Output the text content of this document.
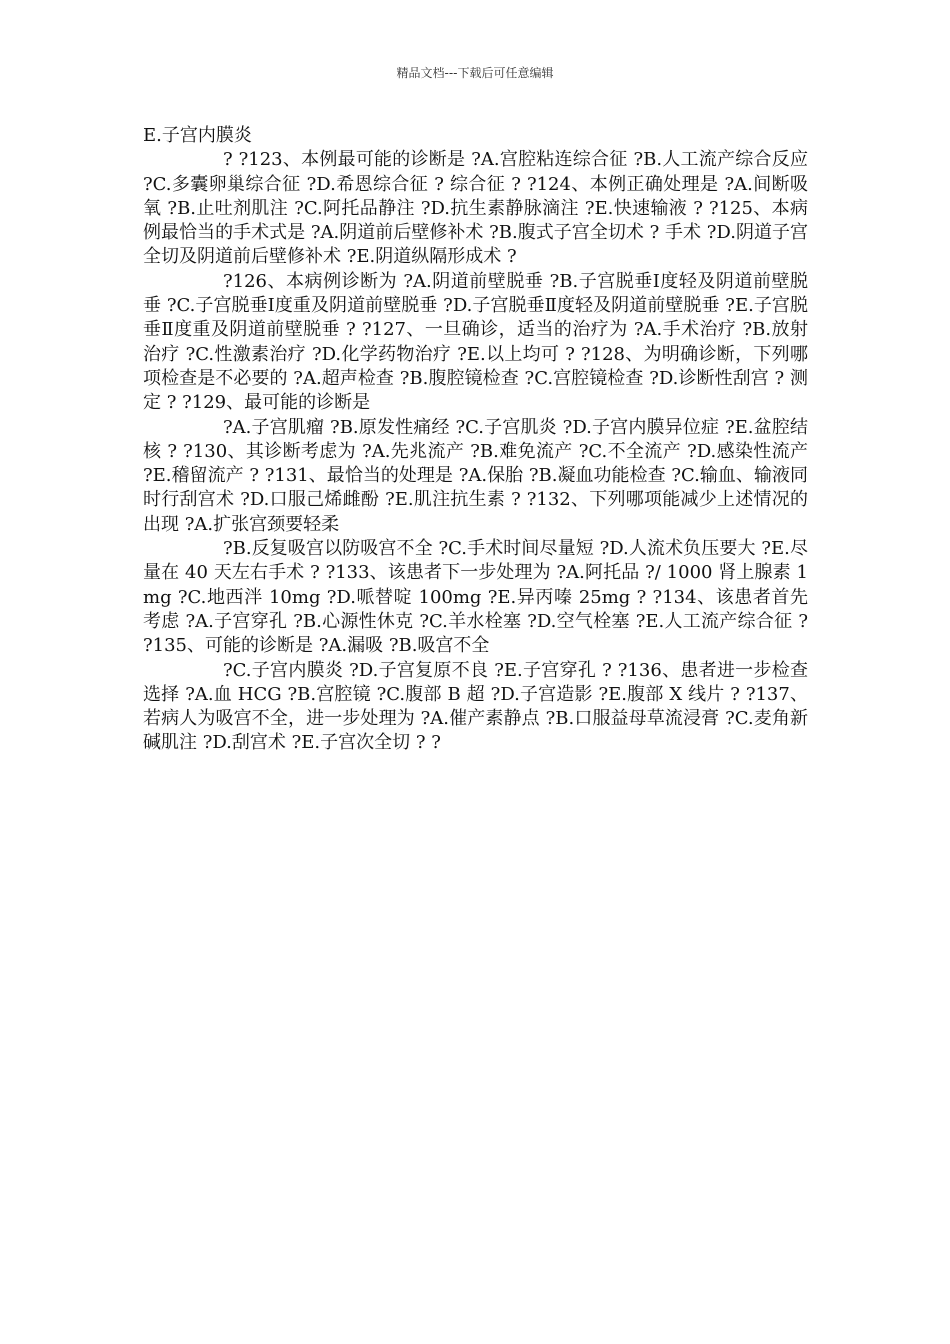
精品文档---下载后可任意编辑

E.子宫内膜炎

? ?123、本例最可能的诊断是 ?A.宫腔粘连综合征 ?B.人工流产综合反应 ?C.多囊卵巢综合征 ?D.希恩综合征 ? 综合征 ? ?124、本例正确处理是 ?A.间断吸氧 ?B.止吐剂肌注 ?C.阿托品静注 ?D.抗生素静脉滴注 ?E.快速输液 ? ?125、本病例最恰当的手术式是 ?A.阴道前后壁修补术 ?B.腹式子宫全切术 ? 手术 ?D.阴道子宫全切及阴道前后壁修补术 ?E.阴道纵隔形成术 ?

?126、本病例诊断为 ?A.阴道前壁脱垂 ?B.子宫脱垂Ⅰ度轻及阴道前壁脱垂 ?C.子宫脱垂Ⅰ度重及阴道前壁脱垂 ?D.子宫脱垂Ⅱ度轻及阴道前壁脱垂 ?E.子宫脱垂Ⅱ度重及阴道前壁脱垂 ? ?127、一旦确诊，适当的治疗为 ?A.手术治疗 ?B.放射治疗 ?C.性激素治疗 ?D.化学药物治疗 ?E.以上均可 ? ?128、为明确诊断，下列哪项检查是不必要的 ?A.超声检查 ?B.腹腔镜检查 ?C.宫腔镜检查 ?D.诊断性刮宫 ? 测定 ? ?129、最可能的诊断是

?A.子宫肌瘤 ?B.原发性痛经 ?C.子宫肌炎 ?D.子宫内膜异位症 ?E.盆腔结核 ? ?130、其诊断考虑为 ?A.先兆流产 ?B.难免流产 ?C.不全流产 ?D.感染性流产 ?E.稽留流产 ? ?131、最恰当的处理是 ?A.保胎 ?B.凝血功能检查 ?C.输血、输液同时行刮宫术 ?D.口服己烯雌酚 ?E.肌注抗生素 ? ?132、下列哪项能减少上述情况的出现 ?A.扩张宫颈要轻柔

?B.反复吸宫以防吸宫不全 ?C.手术时间尽量短 ?D.人流术负压要大 ?E.尽量在 40 天左右手术 ? ?133、该患者下一步处理为 ?A.阿托品 ?/ 1000 肾上腺素 1mg ?C.地西泮 10mg ?D.哌替啶 100mg ?E.异丙嗪 25mg ? ?134、该患者首先考虑 ?A.子宫穿孔 ?B.心源性休克 ?C.羊水栓塞 ?D.空气栓塞 ?E.人工流产综合征 ? ?135、可能的诊断是 ?A.漏吸 ?B.吸宫不全

?C.子宫内膜炎 ?D.子宫复原不良 ?E.子宫穿孔 ? ?136、患者进一步检查选择 ?A.血 HCG ?B.宫腔镜 ?C.腹部 B 超 ?D.子宫造影 ?E.腹部 X 线片 ? ?137、若病人为吸宫不全，进一步处理为 ?A.催产素静点 ?B.口服益母草流浸膏 ?C.麦角新碱肌注 ?D.刮宫术 ?E.子宫次全切 ? ?
